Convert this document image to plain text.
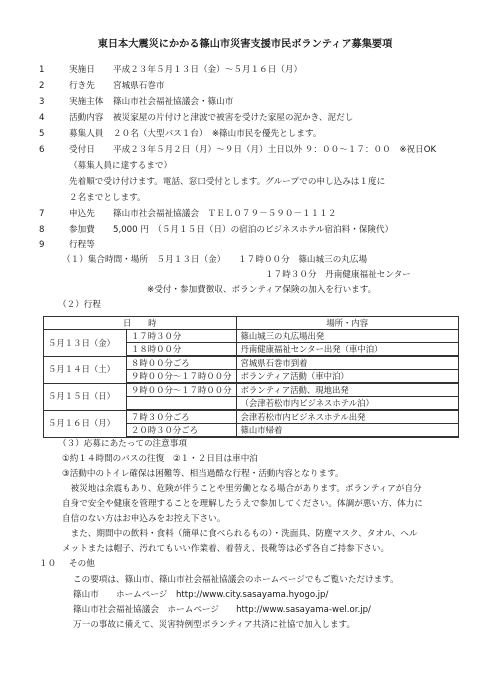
東日本大震災にかかる篠山市災害支援市民ボランティア募集要項
1	実施日 平成２３年５月１３日（金）～５月１６日（月）
2	行き先 宮城県石巻市
3	実施主体 篠山市社会福祉協議会・篠山市
4	活動内容 被災家屋の片付けと津波で被害を受けた家屋の泥かき、泥だし
5	募集人員 ２０名（大型バス１台）　※篠山市民を優先とします。
6	受付日 平成２３年５月２日（月）～９日（月）土日以外 ９：００～１７：００　※祝日OK
（募集人員に達するまで）
先着順で受け付けます。電話、窓口受付とします。グループでの申し込みは１度に
２名までとします。
7	申込先 篠山市社会福祉協議会　ＴＥＬ０７９－５９０－１１１２
8	参加費 5,000 円　（５月１５日（日）の宿泊のビジネスホテル宿泊料・保険代）
9	行程等
（１）集合時間・場所　５月１３日（金）　　１７時００分　篠山城三の丸広場
１７時３０分　丹南健康福祉センター
※受付・参加費徴収、ボランティア保険の加入を行います。
（２）行程
日　　時		場所・内容
５月１３日（金）	１７時３０分	篠山城三の丸広場出発
	１８時００分	丹南健康福祉センター出発（車中泊）
５月１４日（土）	８時００分ごろ	宮城県石巻市到着
	９時００分～１７時００分	ボランティア活動（車中泊）
５月１５日（日）	９時００分～１７時００分	ボランティア活動、現地出発
		（会津若松市内ビジネスホテル泊）
５月１６日（月）	７時３０分ごろ	会津若松市内ビジネスホテル出発
	２０時３０分ごろ	篠山市帰着
（３）応募にあたっての注意事項
①約１４時間のバスの往復　②１・２日目は車中泊
③活動中のトイレ確保は困難等、相当過酷な行程・活動内容となります。
　被災地は余震もあり、危険が伴うことや里労働となる場合があります。ボランティアが自分
自身で安全や健康を管理することを理解したうえで参加してください。体調が悪い方、体力に
自信のない方はお申込みをお控え下さい。
　また、期間中の飲料・食料（簡単に食べられるもの）・洗面具、防塵マスク、タオル、ヘル
メットまたは帽子、汚れてもいい作業着、着替え、長靴等は必ず各自ご持参下さい。
１０ その他
この要項は、篠山市、篠山市社会福祉協議会のホームページでもご覧いただけます。
篠山市　　ホームページ　http://www.city.sasayama.hyogo.jp/
篠山市社会福祉協議会　ホームページ　　http://www.sasayama-wel.or.jp/
万一の事故に備えて、災害特例型ボランティア共済に社協で加入します。
